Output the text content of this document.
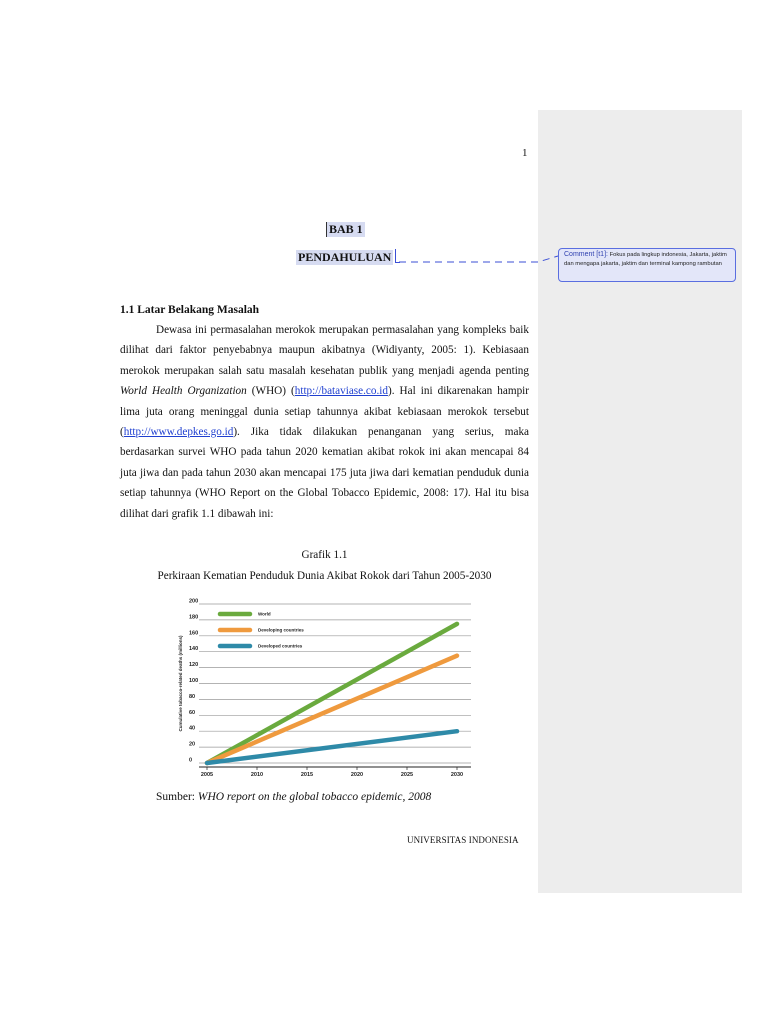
1
BAB 1
PENDAHULUAN	Comment [t1]: Fokus pada lingkup indonesia, Jakarta, jaktim dan mengapa jakarta, jaktim dan terminal kampong rambutan
1.1 Latar Belakang Masalah

Dewasa ini permasalahan merokok merupakan permasalahan yang kompleks baik dilihat dari faktor penyebabnya maupun akibatnya (Widiyanty, 2005: 1). Kebiasaan merokok merupakan salah satu masalah kesehatan publik yang menjadi agenda penting World Health Organization (WHO) (http://bataviase.co.id). Hal ini dikarenakan hampir lima juta orang meninggal dunia setiap tahunnya akibat kebiasaan merokok tersebut (http://www.depkes.go.id). Jika tidak dilakukan penanganan yang serius, maka berdasarkan survei WHO pada tahun 2020 kematian akibat rokok ini akan mencapai 84 juta jiwa dan pada tahun 2030 akan mencapai 175 juta jiwa dari kematian penduduk dunia setiap tahunnya (WHO Report on the Global Tobacco Epidemic, 2008: 17). Hal itu bisa dilihat dari grafik 1.1 dibawah ini:

Grafik 1.1
Perkiraan Kematian Penduduk Dunia Akibat Rokok dari Tahun 2005-2030
0
20
40
60
80
100
120
140
160
180
200
2005	2010	2015	2020	2025	2030
Cumulative tobacco-related deaths (millions)
World
Developing countries
Developed countries
Sumber: WHO report on the global tobacco epidemic, 2008
UNIVERSITAS INDONESIA
